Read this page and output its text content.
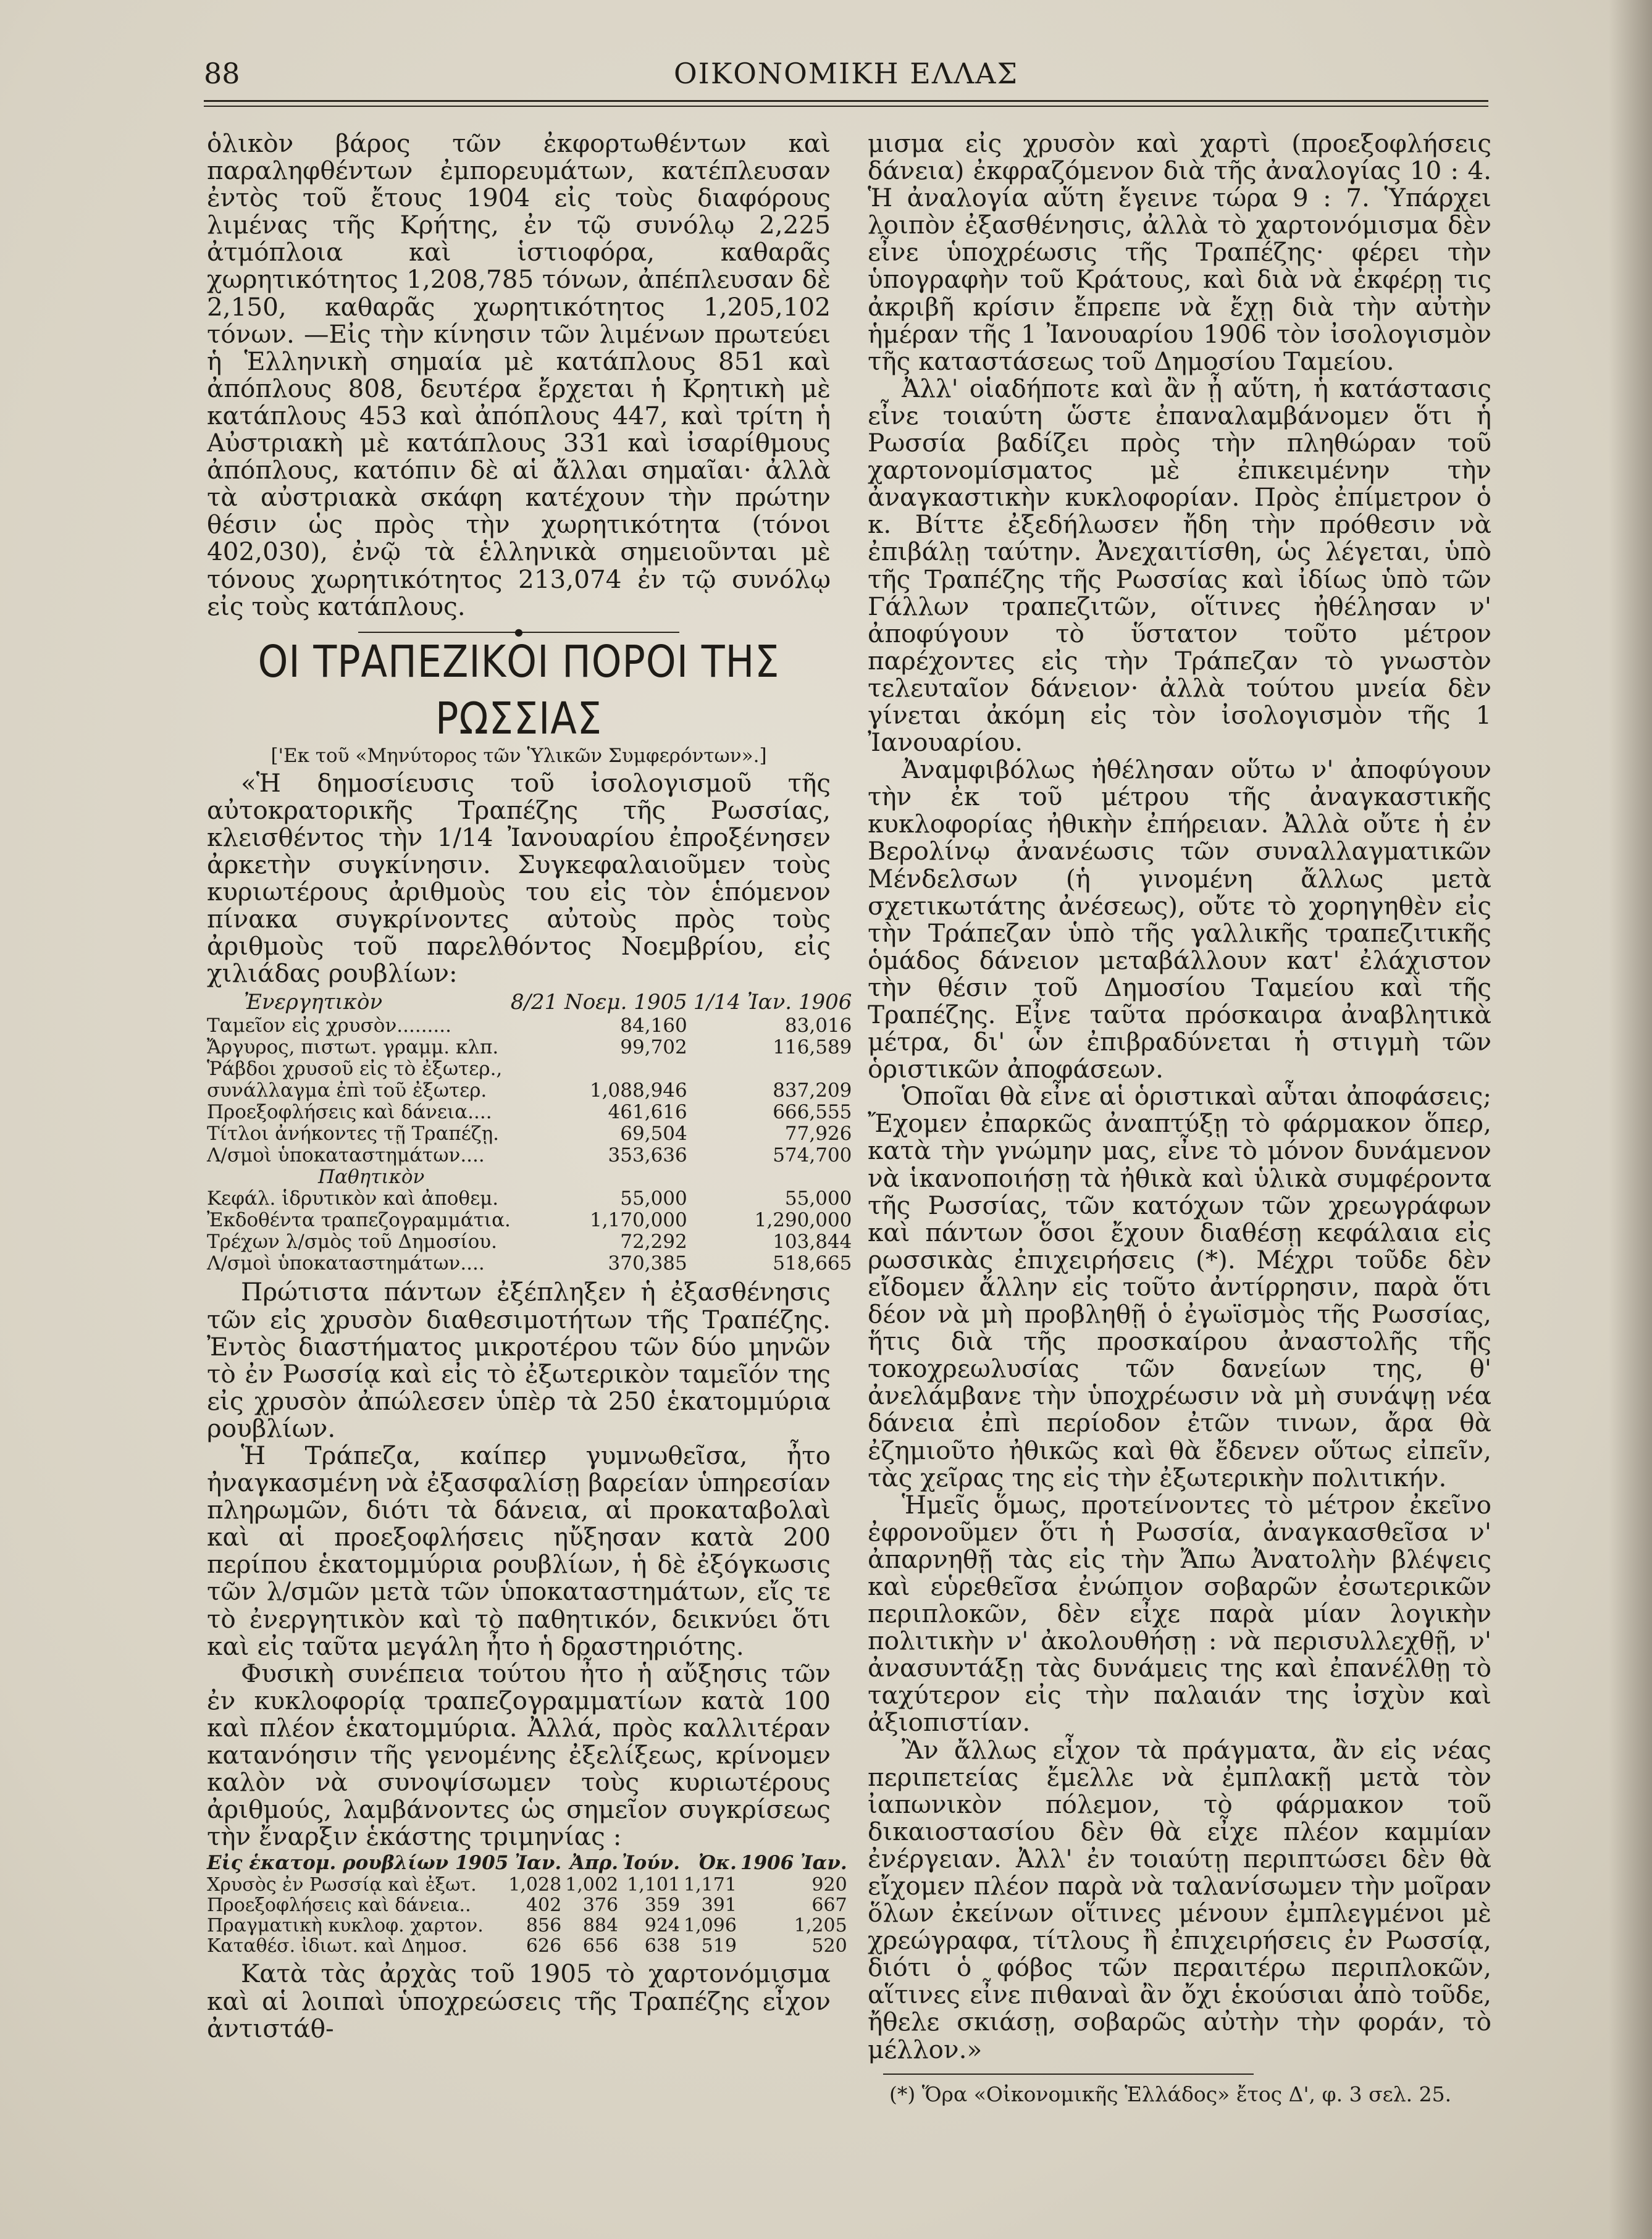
88	ΟΙΚΟΝΟΜΙΚΗ ΕΛΛΑΣ

ὁλικὸν βάρος τῶν ἐκφορτωθέντων καὶ παραληφθέντων ἐμπορευμάτων, κατέπλευσαν ἐντὸς τοῦ ἔτους 1904 εἰς τοὺς διαφόρους λιμένας τῆς Κρήτης, ἐν τῷ συνόλῳ 2,225 ἀτμόπλοια καὶ ἱστιοφόρα, καθαρᾶς χωρητικότητος 1,208,785 τόνων, ἀπέπλευσαν δὲ 2,150, καθαρᾶς χωρητικότητος 1,205,102 τόνων. —Εἰς τὴν κίνησιν τῶν λιμένων πρωτεύει ἡ Ἑλληνικὴ σημαία μὲ κατάπλους 851 καὶ ἀπόπλους 808, δευτέρα ἔρχεται ἡ Κρητικὴ μὲ κατάπλους 453 καὶ ἀπόπλους 447, καὶ τρίτη ἡ Αὐστριακὴ μὲ κατάπλους 331 καὶ ἰσαρίθμους ἀπόπλους, κατόπιν δὲ αἱ ἄλλαι σημαῖαι· ἀλλὰ τὰ αὐστριακὰ σκάφη κατέχουν τὴν πρώτην θέσιν ὡς πρὸς τὴν χωρητικότητα (τόνοι 402,030), ἐνῷ τὰ ἑλληνικὰ σημειοῦνται μὲ τόνους χωρητικότητος 213,074 ἐν τῷ συνόλῳ εἰς τοὺς κατάπλους.

●
ΟΙ ΤΡΑΠΕΖΙΚΟΙ ΠΟΡΟΙ ΤΗΣ ΡΩΣΣΙΑΣ
['Εκ τοῦ «Μηνύτορος τῶν Ὑλικῶν Συμφερόντων».]

«Ἡ δημοσίευσις τοῦ ἰσολογισμοῦ τῆς αὐτοκρατορικῆς Τραπέζης τῆς Ρωσσίας, κλεισθέντος τὴν 1/14 Ἰανουαρίου ἐπροξένησεν ἀρκετὴν συγκίνησιν. Συγκεφαλαιοῦμεν τοὺς κυριωτέρους ἀριθμοὺς του εἰς τὸν ἑπόμενον πίνακα συγκρίνοντες αὐτοὺς πρὸς τοὺς ἀριθμοὺς τοῦ παρελθόντος Νοεμβρίου, εἰς χιλιάδας ρουβλίων:

Ἐνεργητικὸν	8/21 Νοεμ. 1905	1/14 Ἰαν. 1906
Ταμεῖον εἰς χρυσὸν.........	84,160	83,016
Ἄργυρος, πιστωτ. γραμμ. κλπ.	99,702	116,589
Ῥάβδοι χρυσοῦ εἰς τὸ ἐξωτερ.,		
συνάλλαγμα ἐπὶ τοῦ ἐξωτερ.	1,088,946	837,209
Προεξοφλήσεις καὶ δάνεια....	461,616	666,555
Τίτλοι ἀνήκοντες τῇ Τραπέζῃ.	69,504	77,926
Λ/σμοὶ ὑποκαταστημάτων....	353,636	574,700
Παθητικὸν		
Κεφάλ. ἱδρυτικὸν καὶ ἀποθεμ.	55,000	55,000
Ἐκδοθέντα τραπεζογραμμάτια.	1,170,000	1,290,000
Τρέχων λ/σμὸς τοῦ Δημοσίου.	72,292	103,844
Λ/σμοὶ ὑποκαταστημάτων....	370,385	518,665

Πρώτιστα πάντων ἐξέπληξεν ἡ ἐξασθένησις τῶν εἰς χρυσὸν διαθεσιμοτήτων τῆς Τραπέζης. Ἐντὸς διαστήματος μικροτέρου τῶν δύο μηνῶν τὸ ἐν Ρωσσίᾳ καὶ εἰς τὸ ἐξωτερικὸν ταμεῖόν της εἰς χρυσὸν ἀπώλεσεν ὑπὲρ τὰ 250 ἑκατομμύρια ρουβλίων.

Ἡ Τράπεζα, καίπερ γυμνωθεῖσα, ἦτο ἠναγκασμένη νὰ ἐξασφαλίσῃ βαρείαν ὑπηρεσίαν πληρωμῶν, διότι τὰ δάνεια, αἱ προκαταβολαὶ καὶ αἱ προεξοφλήσεις ηὔξησαν κατὰ 200 περίπου ἑκατομμύρια ρουβλίων, ἡ δὲ ἐξόγκωσις τῶν λ/σμῶν μετὰ τῶν ὑποκαταστημάτων, εἴς τε τὸ ἐνεργητικὸν καὶ τὸ παθητικόν, δεικνύει ὅτι καὶ εἰς ταῦτα μεγάλη ἦτο ἡ δραστηριότης.

Φυσικὴ συνέπεια τούτου ἦτο ἡ αὔξησις τῶν ἐν κυκλοφορίᾳ τραπεζογραμματίων κατὰ 100 καὶ πλέον ἑκατομμύρια. Ἀλλά, πρὸς καλλιτέραν κατανόησιν τῆς γενομένης ἐξελίξεως, κρίνομεν καλὸν νὰ συνοψίσωμεν τοὺς κυριωτέρους ἀριθμούς, λαμβάνοντες ὡς σημεῖον συγκρίσεως τὴν ἔναρξιν ἑκάστης τριμηνίας :

Εἰς ἑκατομ. ρουβλίων 1905	Ἰαν.	Ἀπρ.	Ἰούν.	Ὀκ.	1906 Ἰαν.
Χρυσὸς ἐν Ρωσσίᾳ καὶ ἐξωτ.	1,028	1,002	1,101	1,171	920
Προεξοφλήσεις καὶ δάνεια..	402	376	359	391	667
Πραγματικὴ κυκλοφ. χαρτον.	856	884	924	1,096	1,205
Καταθέσ. ἰδιωτ. καὶ Δημοσ.	626	656	638	519	520

Κατὰ τὰς ἀρχὰς τοῦ 1905 τὸ χαρτονόμισμα καὶ αἱ λοιπαὶ ὑποχρεώσεις τῆς Τραπέζης εἶχον ἀντιστάθ-

μισμα εἰς χρυσὸν καὶ χαρτὶ (προεξοφλήσεις δάνεια) ἐκφραζόμενον διὰ τῆς ἀναλογίας 10 : 4. Ἡ ἀναλογία αὕτη ἔγεινε τώρα 9 : 7. Ὑπάρχει λοιπὸν ἐξασθένησις, ἀλλὰ τὸ χαρτονόμισμα δὲν εἶνε ὑποχρέωσις τῆς Τραπέζης· φέρει τὴν ὑπογραφὴν τοῦ Κράτους, καὶ διὰ νὰ ἐκφέρῃ τις ἀκριβῆ κρίσιν ἔπρεπε νὰ ἔχῃ διὰ τὴν αὐτὴν ἡμέραν τῆς 1 Ἰανουαρίου 1906 τὸν ἰσολογισμὸν τῆς καταστάσεως τοῦ Δημοσίου Ταμείου.

Ἀλλ' οἱαδήποτε καὶ ἂν ᾖ αὕτη, ἡ κατάστασις εἶνε τοιαύτη ὥστε ἐπαναλαμβάνομεν ὅτι ἡ Ρωσσία βαδίζει πρὸς τὴν πληθώραν τοῦ χαρτονομίσματος μὲ ἐπικειμένην τὴν ἀναγκαστικὴν κυκλοφορίαν. Πρὸς ἐπίμετρον ὁ κ. Βίττε ἐξεδήλωσεν ἤδη τὴν πρόθεσιν νὰ ἐπιβάλῃ ταύτην. Ἀνεχαιτίσθη, ὡς λέγεται, ὑπὸ τῆς Τραπέζης τῆς Ρωσσίας καὶ ἰδίως ὑπὸ τῶν Γάλλων τραπεζιτῶν, οἵτινες ἠθέλησαν ν' ἀποφύγουν τὸ ὕστατον τοῦτο μέτρον παρέχοντες εἰς τὴν Τράπεζαν τὸ γνωστὸν τελευταῖον δάνειον· ἀλλὰ τούτου μνεία δὲν γίνεται ἀκόμη εἰς τὸν ἰσολογισμὸν τῆς 1 Ἰανουαρίου.

Ἀναμφιβόλως ἠθέλησαν οὕτω ν' ἀποφύγουν τὴν ἐκ τοῦ μέτρου τῆς ἀναγκαστικῆς κυκλοφορίας ἠθικὴν ἐπήρειαν. Ἀλλὰ οὔτε ἡ ἐν Βερολίνῳ ἀνανέωσις τῶν συναλλαγματικῶν Μένδελσων (ἡ γινομένη ἄλλως μετὰ σχετικωτάτης ἀνέσεως), οὔτε τὸ χορηγηθὲν εἰς τὴν Τράπεζαν ὑπὸ τῆς γαλλικῆς τραπεζιτικῆς ὁμάδος δάνειον μεταβάλλουν κατ' ἐλάχιστον τὴν θέσιν τοῦ Δημοσίου Ταμείου καὶ τῆς Τραπέζης. Εἶνε ταῦτα πρόσκαιρα ἀναβλητικὰ μέτρα, δι' ὧν ἐπιβραδύνεται ἡ στιγμὴ τῶν ὁριστικῶν ἀποφάσεων.

Ὁποῖαι θὰ εἶνε αἱ ὁριστικαὶ αὗται ἀποφάσεις; Ἔχομεν ἐπαρκῶς ἀναπτύξῃ τὸ φάρμακον ὅπερ, κατὰ τὴν γνώμην μας, εἶνε τὸ μόνον δυνάμενον νὰ ἱκανοποιήσῃ τὰ ἠθικὰ καὶ ὑλικὰ συμφέροντα τῆς Ρωσσίας, τῶν κατόχων τῶν χρεωγράφων καὶ πάντων ὅσοι ἔχουν διαθέσῃ κεφάλαια εἰς ρωσσικὰς ἐπιχειρήσεις (*). Μέχρι τοῦδε δὲν εἴδομεν ἄλλην εἰς τοῦτο ἀντίρρησιν, παρὰ ὅτι δέον νὰ μὴ προβληθῇ ὁ ἐγωϊσμὸς τῆς Ρωσσίας, ἥτις διὰ τῆς προσκαίρου ἀναστολῆς τῆς τοκοχρεωλυσίας τῶν δανείων της, θ' ἀνελάμβανε τὴν ὑποχρέωσιν νὰ μὴ συνάψῃ νέα δάνεια ἐπὶ περίοδον ἐτῶν τινων, ἄρα θὰ ἐζημιοῦτο ἠθικῶς καὶ θὰ ἔδενεν οὕτως εἰπεῖν, τὰς χεῖρας της εἰς τὴν ἐξωτερικὴν πολιτικήν.

Ἡμεῖς ὅμως, προτείνοντες τὸ μέτρον ἐκεῖνο ἐφρονοῦμεν ὅτι ἡ Ρωσσία, ἀναγκασθεῖσα ν' ἀπαρνηθῇ τὰς εἰς τὴν Ἄπω Ἀνατολὴν βλέψεις καὶ εὑρεθεῖσα ἐνώπιον σοβαρῶν ἐσωτερικῶν περιπλοκῶν, δὲν εἶχε παρὰ μίαν λογικὴν πολιτικὴν ν' ἀκολουθήσῃ : νὰ περισυλλεχθῇ, ν' ἀνασυντάξῃ τὰς δυνάμεις της καὶ ἐπανέλθῃ τὸ ταχύτερον εἰς τὴν παλαιάν της ἰσχὺν καὶ ἀξιοπιστίαν.

Ἂν ἄλλως εἶχον τὰ πράγματα, ἂν εἰς νέας περιπετείας ἔμελλε νὰ ἐμπλακῇ μετὰ τὸν ἰαπωνικὸν πόλεμον, τὸ φάρμακον τοῦ δικαιοστασίου δὲν θὰ εἶχε πλέον καμμίαν ἐνέργειαν. Ἀλλ' ἐν τοιαύτῃ περιπτώσει δὲν θὰ εἴχομεν πλέον παρὰ νὰ ταλανίσωμεν τὴν μοῖραν ὅλων ἐκείνων οἵτινες μένουν ἐμπλεγμένοι μὲ χρεώγραφα, τίτλους ἢ ἐπιχειρήσεις ἐν Ρωσσίᾳ, διότι ὁ φόβος τῶν περαιτέρω περιπλοκῶν, αἵτινες εἶνε πιθαναὶ ἂν ὄχι ἑκούσιαι ἀπὸ τοῦδε, ἤθελε σκιάσῃ, σοβαρῶς αὐτὴν τὴν φοράν, τὸ μέλλον.»

(*) Ὅρα «Οἰκονομικῆς Ἑλλάδος» ἔτος Δ', φ. 3 σελ. 25.
